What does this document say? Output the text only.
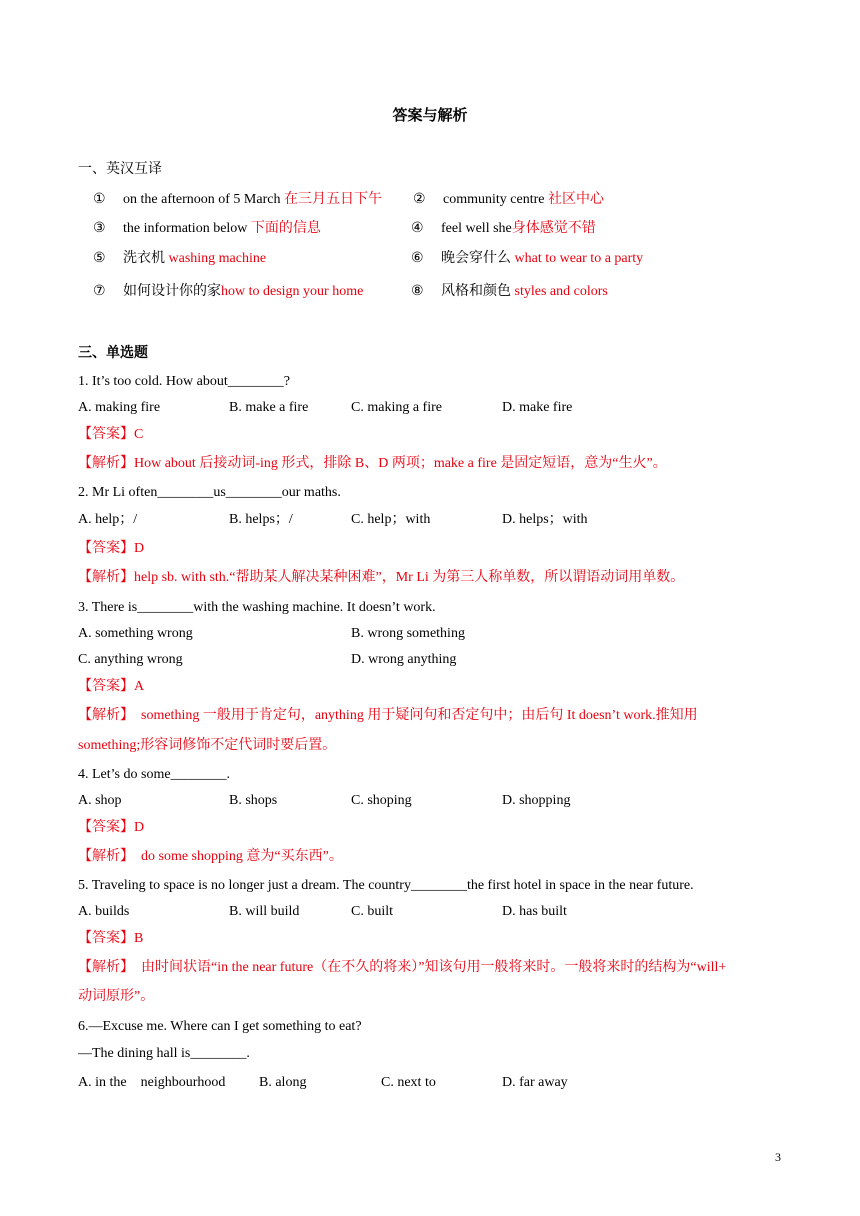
答案与解析
一、英汉互译
① on the afternoon of 5 March 在三月五日下午 ② community centre 社区中心
③ the information below 下面的信息	④ feel well she身体感觉不错
⑤ 洗衣机 washing machine	⑥ 晚会穿什么 what to wear to a party
⑦ 如何设计你的家how to design your home	⑧ 风格和颜色 styles and colors
三、单选题
1. It’s too cold. How about________?
A. making fire	B. make a fire	C. making a fire	D. make fire
【答案】C
【解析】How about 后接动词-ing 形式，排除 B、D 两项；make a fire 是固定短语，意为“生火”。
2. Mr Li often________us________our maths.
A. help；/	B. helps；/	C. help；with	D. helps；with
【答案】D
【解析】help sb. with sth.“帮助某人解决某种困难”，Mr Li 为第三人称单数，所以谓语动词用单数。
3. There is________with the washing machine. It doesn’t work.
A. something wrong	B. wrong something
C. anything wrong	D. wrong anything
【答案】A
【解析】 something 一般用于肯定句，anything 用于疑问句和否定句中；由后句 It doesn’t work.推知用
something;形容词修饰不定代词时要后置。
4. Let’s do some________.
A. shop	B. shops	C. shoping	D. shopping
【答案】D
【解析】 do some shopping 意为“买东西”。
5. Traveling to space is no longer just a dream. The country________the first hotel in space in the near future.
A. builds	B. will build	C. built	D. has built
【答案】B
【解析】 由时间状语“in the near future（在不久的将来）”知该句用一般将来时。一般将来时的结构为“will+
动词原形”。
6.—Excuse me. Where can I get something to eat?
—The dining hall is________.
A. in the    neighbourhood B. along	C. next to	D. far away
3
